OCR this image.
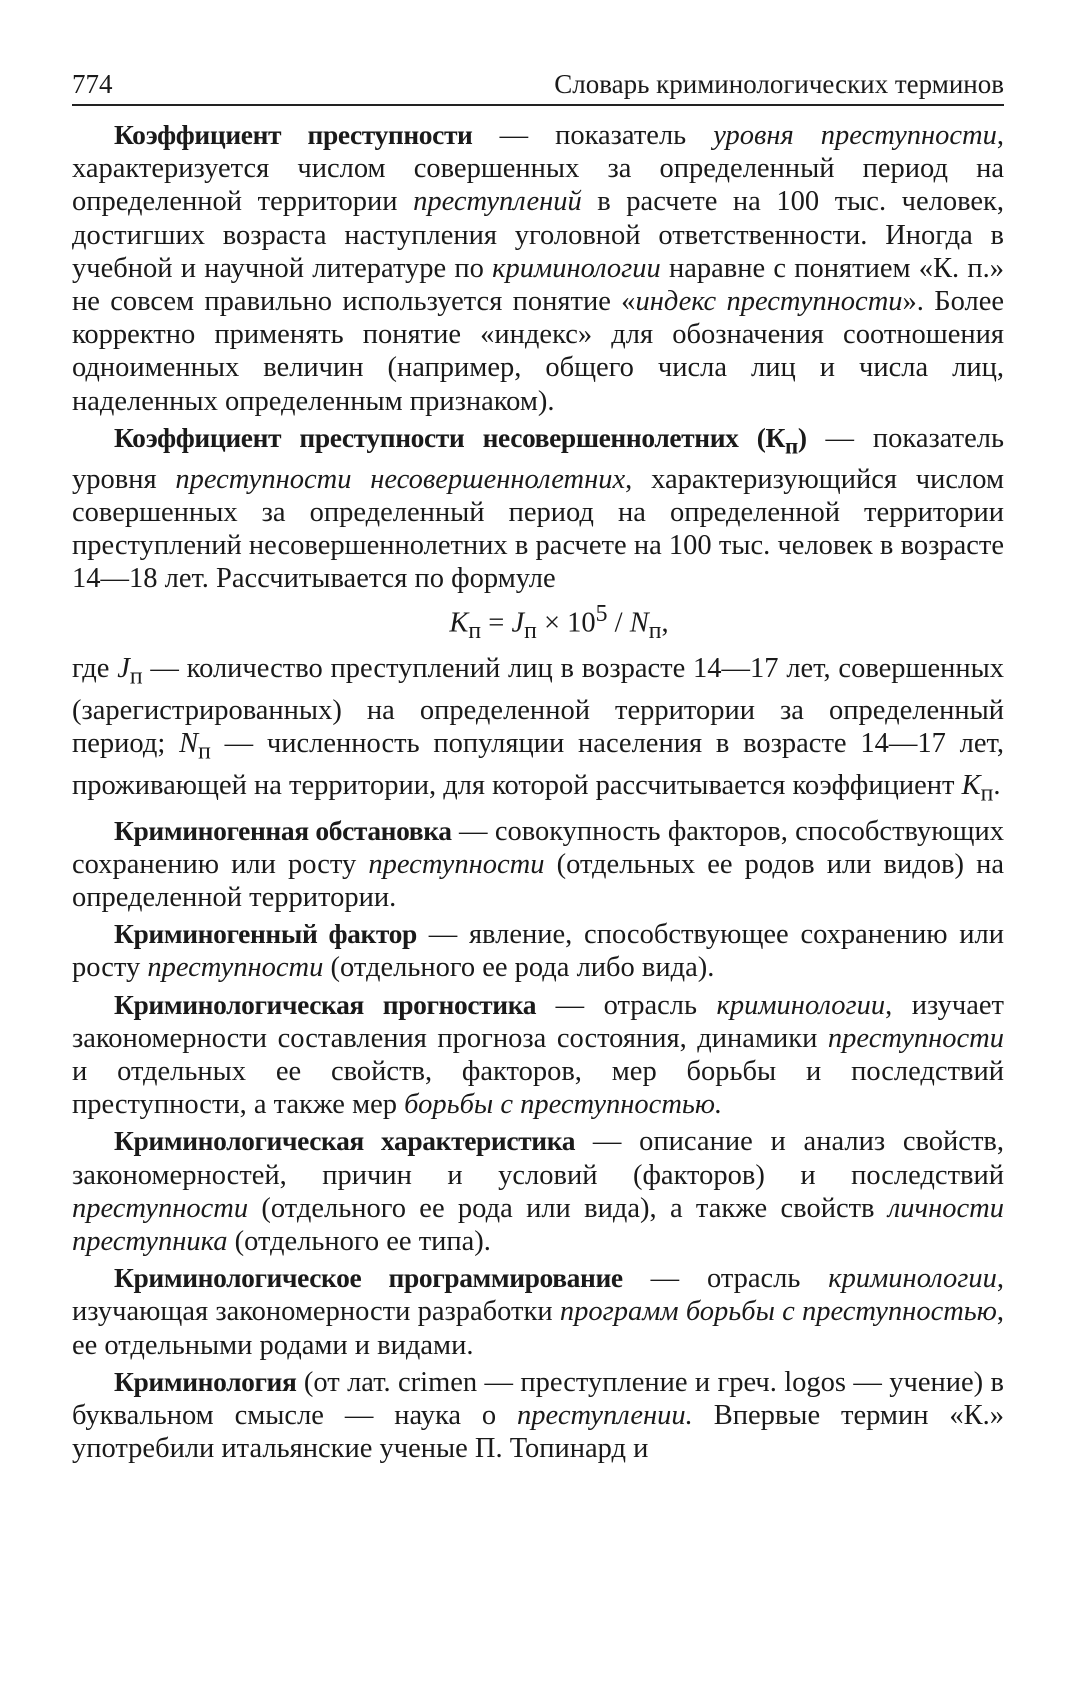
774	Словарь криминологических терминов

Коэффициент преступности — показатель уровня преступности, характеризуется числом совершенных за определенный период на определенной территории преступлений в расчете на 100 тыс. человек, достигших возраста наступления уголовной ответственности. Иногда в учебной и научной литературе по криминологии наравне с понятием «К. п.» не совсем правильно используется понятие «индекс преступности». Более корректно применять понятие «индекс» для обозначения соотношения одноименных величин (например, общего числа лиц и числа лиц, наделенных определенным признаком).

Коэффициент преступности несовершеннолетних $(К_п)$ — показатель уровня преступности несовершеннолетних, характеризующийся числом совершенных за определенный период на определенной территории преступлений несовершеннолетних в расчете на 100 тыс. человек в возрасте 14—18 лет. Рассчитывается по формуле

$K_п = J_п \times 10^5 / N_п$,

где $J_п$ — количество преступлений лиц в возрасте 14—17 лет, совершенных (зарегистрированных) на определенной территории за определенный период; $N_п$ — численность популяции населения в возрасте 14—17 лет, проживающей на территории, для которой рассчитывается коэффициент $K_п$.

Криминогенная обстановка — совокупность факторов, способствующих сохранению или росту преступности (отдельных ее родов или видов) на определенной территории.

Криминогенный фактор — явление, способствующее сохранению или росту преступности (отдельного ее рода либо вида).

Криминологическая прогностика — отрасль криминологии, изучает закономерности составления прогноза состояния, динамики преступности и отдельных ее свойств, факторов, мер борьбы и последствий преступности, а также мер борьбы с преступностью.

Криминологическая характеристика — описание и анализ свойств, закономерностей, причин и условий (факторов) и последствий преступности (отдельного ее рода или вида), а также свойств личности преступника (отдельного ее типа).

Криминологическое программирование — отрасль криминологии, изучающая закономерности разработки программ борьбы с преступностью, ее отдельными родами и видами.

Криминология (от лат. crimen — преступление и греч. logos — учение) в буквальном смысле — наука о преступлении. Впервые термин «К.» употребили итальянские ученые П. Топинард и
